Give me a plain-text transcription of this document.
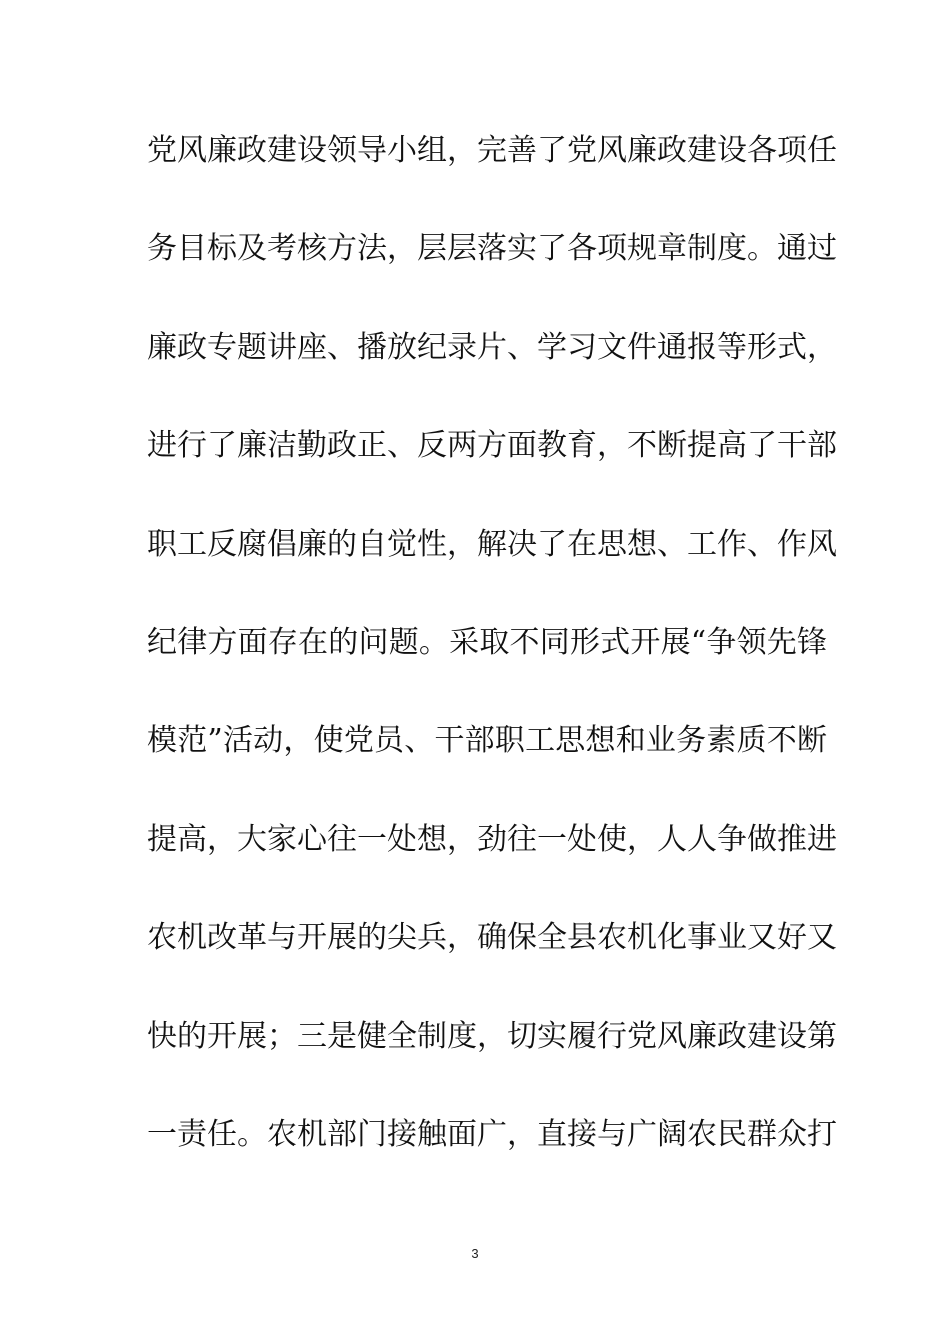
党风廉政建设领导小组，完善了党风廉政建设各项任
务目标及考核方法，层层落实了各项规章制度。通过
廉政专题讲座、播放纪录片、学习文件通报等形式，
进行了廉洁勤政正、反两方面教育，不断提高了干部
职工反腐倡廉的自觉性，解决了在思想、工作、作风
纪律方面存在的问题。采取不同形式开展“争领先锋
模范”活动，使党员、干部职工思想和业务素质不断
提高，大家心往一处想，劲往一处使，人人争做推进
农机改革与开展的尖兵，确保全县农机化事业又好又
快的开展；三是健全制度，切实履行党风廉政建设第
一责任。农机部门接触面广，直接与广阔农民群众打
3
